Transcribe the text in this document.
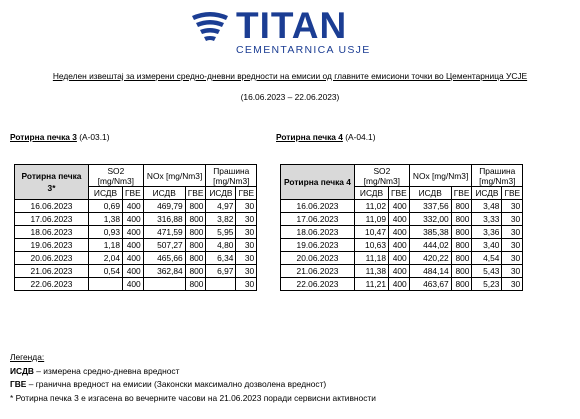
TITAN
CEMENTARNICA USJE
Неделен извештај за измерени средно-дневни вредности на емисии од главните емисиони точки во Цементарница УСЈЕ
(16.06.2023 – 22.06.2023)
Ротирна печка 3 (А-03.1)	Ротирна печка 4 (А-04.1)
Ротирна печка 3*	SO2 [mg/Nm3]		NOx [mg/Nm3]		Прашина [mg/Nm3]	
	ИСДВ	ГВЕ	ИСДВ	ГВЕ	ИСДВ	ГВЕ
16.06.2023	0,69	400	469,79	800	4,97	30
17.06.2023	1,38	400	316,88	800	3,82	30
18.06.2023	0,93	400	471,59	800	5,95	30
19.06.2023	1,18	400	507,27	800	4,80	30
20.06.2023	2,04	400	465,66	800	6,34	30
21.06.2023	0,54	400	362,84	800	6,97	30
22.06.2023		400		800		30
Ротирна печка 4	SO2 [mg/Nm3]		NOx [mg/Nm3]		Прашина [mg/Nm3]	
	ИСДВ	ГВЕ	ИСДВ	ГВЕ	ИСДВ	ГВЕ
16.06.2023	11,02	400	337,56	800	3,48	30
17.06.2023	11,09	400	332,00	800	3,33	30
18.06.2023	10,47	400	385,38	800	3,36	30
19.06.2023	10,63	400	444,02	800	3,40	30
20.06.2023	11,18	400	420,22	800	4,54	30
21.06.2023	11,38	400	484,14	800	5,43	30
22.06.2023	11,21	400	463,67	800	5,23	30
Легенда:
ИСДВ – измерена средно-дневна вредност
ГВЕ – гранична вредност на емисии (Законски максимално дозволена вредност)
* Ротирна печка 3 е изгасена во вечерните часови на 21.06.2023 поради сервисни активности
